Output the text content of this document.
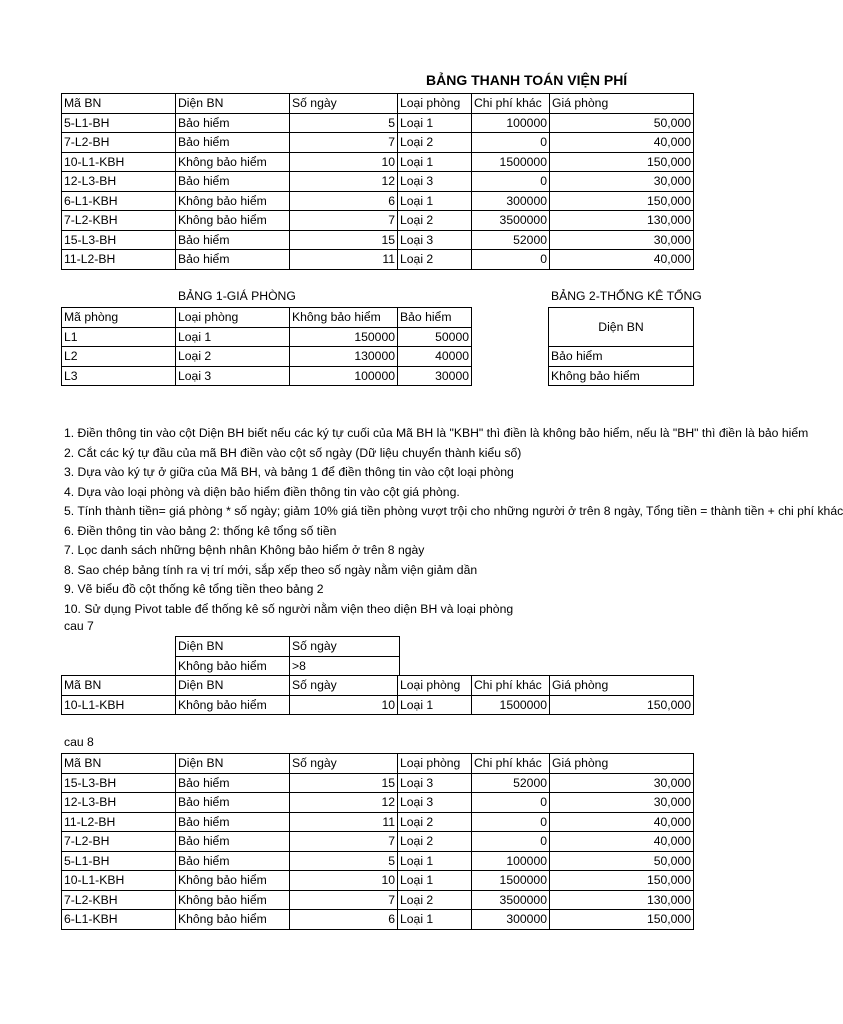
BẢNG THANH TOÁN VIỆN PHÍ
Mã BN	Diện BN	Số ngày	Loại phòng	Chi phí khác	Giá phòng
5-L1-BH	Bảo hiểm	5	Loại 1	100000	50,000
7-L2-BH	Bảo hiểm	7	Loại 2	0	40,000
10-L1-KBH	Không bảo hiểm	10	Loại 1	1500000	150,000
12-L3-BH	Bảo hiểm	12	Loại 3	0	30,000
6-L1-KBH	Không bảo hiểm	6	Loại 1	300000	150,000
7-L2-KBH	Không bảo hiểm	7	Loại 2	3500000	130,000
15-L3-BH	Bảo hiểm	15	Loại 3	52000	30,000
11-L2-BH	Bảo hiểm	11	Loại 2	0	40,000
BẢNG 1-GIÁ PHÒNG
Mã phòng	Loại phòng	Không bảo hiểm	Bảo hiểm
L1	Loại 1	150000	50000
L2	Loại 2	130000	40000
L3	Loại 3	100000	30000
BẢNG 2-THỐNG KÊ TỔNG
Diện BN
Bảo hiểm
Không bảo hiểm
1. Điền thông tin vào cột Diện BH biết nếu các ký tự cuối của Mã BH là "KBH" thì điền là không bảo hiểm, nếu là "BH" thì điền là bảo hiểm
2. Cắt các ký tự đầu của mã BH điền vào cột số ngày (Dữ liệu chuyển thành kiểu số)
3. Dựa vào ký tự ở giữa của Mã BH, và bảng 1 để điền thông tin vào cột loại phòng
4. Dựa vào loại phòng và diện bảo hiểm điền thông tin vào cột giá phòng.
5. Tính thành tiền= giá phòng * số ngày; giảm 10% giá tiền phòng vượt trội cho những người ở trên 8 ngày, Tổng tiền = thành tiền + chi phí khác
6. Điền thông tin vào bảng 2: thống kê tổng số tiền
7. Lọc danh sách những bệnh nhân Không bảo hiểm ở trên 8 ngày
8. Sao chép bảng tính ra vị trí mới, sắp xếp theo số ngày nằm viện giảm dần
9. Vẽ biểu đồ cột thống kê tổng tiền theo bảng 2
10. Sử dụng Pivot table để thống kê số người nằm viện theo diện BH và loại phòng
cau 7
Diện BN	Số ngày
Không bảo hiểm	>8
Mã BN	Diện BN	Số ngày	Loại phòng	Chi phí khác	Giá phòng
10-L1-KBH	Không bảo hiểm	10	Loại 1	1500000	150,000
cau 8
Mã BN	Diện BN	Số ngày	Loại phòng	Chi phí khác	Giá phòng
15-L3-BH	Bảo hiểm	15	Loại 3	52000	30,000
12-L3-BH	Bảo hiểm	12	Loại 3	0	30,000
11-L2-BH	Bảo hiểm	11	Loại 2	0	40,000
7-L2-BH	Bảo hiểm	7	Loại 2	0	40,000
5-L1-BH	Bảo hiểm	5	Loại 1	100000	50,000
10-L1-KBH	Không bảo hiểm	10	Loại 1	1500000	150,000
7-L2-KBH	Không bảo hiểm	7	Loại 2	3500000	130,000
6-L1-KBH	Không bảo hiểm	6	Loại 1	300000	150,000
